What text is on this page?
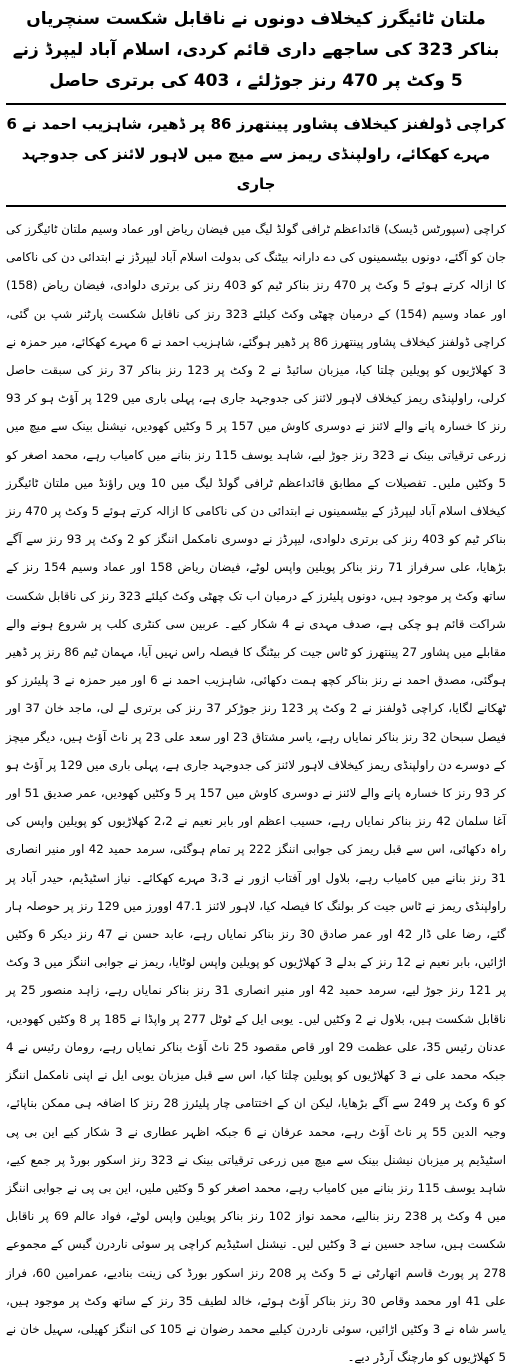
ملتان ٹائیگرز کیخلاف دونوں نے ناقابل شکست سنچریاں بناکر 323 کی ساجھے داری قائم کردی، اسلام آباد لیپرڈ زنے 5 وکٹ پر 470 رنز جوڑلئے ، 403 کی برتری حاصل
کراچی ڈولفنز کیخلاف پشاور پینتھرز 86 پر ڈھیر، شاہزیب احمد نے 6 مہرے کھکائے، راولپنڈی ریمز سے میچ میں لاہور لائنز کی جدوجہد جاری

کراچی (سپورٹس ڈیسک) قائداعظم ٹرافی گولڈ لیگ میں فیضان ریاض اور عماد وسیم ملتان ٹائیگرز کی جان کو آگئے، دونوں بیٹسمینوں کی دے دارانہ بیٹنگ کی بدولت اسلام آباد لیپرڈز نے ابتدائی دن کی ناکامی کا ازالہ کرتے ہوئے 5 وکٹ پر 470 رنز بناکر ٹیم کو 403 رنز کی برتری دلوادی، فیضان ریاض (158) اور عماد وسیم (154) کے درمیان چھٹی وکٹ کیلئے 323 رنز کی ناقابل شکست پارٹنر شپ بن گئی، کراچی ڈولفنز کیخلاف پشاور پینتھرز 86 پر ڈھیر ہوگئے، شاہزیب احمد نے 6 مہرے کھکائے، میر حمزہ نے 3 کھلاڑیوں کو پویلین چلتا کیا، میزبان سائیڈ نے 2 وکٹ پر 123 رنز بناکر 37 رنز کی سبقت حاصل کرلی، راولپنڈی ریمز کیخلاف لاہور لائنز کی جدوجہد جاری ہے، پہلی باری میں 129 پر آؤٹ ہو کر 93 رنز کا خسارہ پانے والے لائنز نے دوسری کاوش میں 157 پر 5 وکٹیں کھودیں، نیشنل بینک سے میچ میں زرعی ترقیاتی بینک نے 323 رنز جوڑ لیے، شاہد یوسف 115 رنز بنانے میں کامیاب رہے، محمد اصغر کو 5 وکٹیں ملیں۔ تفصیلات کے مطابق قائداعظم ٹرافی گولڈ لیگ میں 10 ویں راؤنڈ میں ملتان ٹائیگرز کیخلاف اسلام آباد لیپرڈز کے بیٹسمینوں نے ابتدائی دن کی ناکامی کا ازالہ کرتے ہوئے 5 وکٹ پر 470 رنز بناکر ٹیم کو 403 رنز کی برتری دلوادی، لیپرڈز نے دوسری نامکمل اننگز کو 2 وکٹ پر 93 رنز سے آگے بڑھایا، علی سرفراز 71 رنز بناکر پویلین واپس لوٹے، فیضان ریاض 158 اور عماد وسیم 154 رنز کے ساتھ وکٹ پر موجود ہیں، دونوں پلیئرز کے درمیان اب تک چھٹی وکٹ کیلئے 323 رنز کی ناقابل شکست شراکت قائم ہو چکی ہے، صدف مہدی نے 4 شکار کیے۔ عربین سی کنٹری کلب پر شروع ہونے والے مقابلے میں پشاور 27 پینتھرز کو ٹاس جیت کر بیٹنگ کا فیصلہ راس نہیں آیا، مہمان ٹیم 86 رنز پر ڈھیر ہوگئی، مصدق احمد نے رنز بناکر کچھ ہمت دکھائی، شاہزیب احمد نے 6 اور میر حمزہ نے 3 پلیئرز کو ٹھکانے لگایا، کراچی ڈولفنز نے 2 وکٹ پر 123 رنز جوڑکر 37 رنز کی برتری لے لی، ماجد خان 37 اور فیصل سبحان 32 رنز بناکر نمایاں رہے، یاسر مشتاق 23 اور سعد علی 23 پر ناٹ آؤٹ ہیں، دیگر میچز کے دوسرے دن راولپنڈی ریمز کیخلاف لاہور لائنز کی جدوجہد جاری ہے، پہلی باری میں 129 پر آؤٹ ہو کر 93 رنز کا خسارہ پانے والے لائنز نے دوسری کاوش میں 157 پر 5 وکٹیں کھودیں، عمر صدیق 51 اور آغا سلمان 42 رنز بناکر نمایاں رہے، حسیب اعظم اور بابر نعیم نے 2،2 کھلاڑیوں کو پویلین واپس کی راہ دکھائی، اس سے قبل ریمز کی جوابی اننگز 222 پر تمام ہوگئی، سرمد حمید 42 اور منیر انصاری 31 رنز بنانے میں کامیاب رہے، بلاول اور آفتاب ازور نے 3،3 مہرے کھکائے۔ نیاز اسٹیڈیم، حیدر آباد پر راولپنڈی ریمز نے ٹاس جیت کر بولنگ کا فیصلہ کیا، لاہور لائنز 47.1 اوورز میں 129 رنز پر حوصلہ ہار گئے، رضا علی ڈار 42 اور عمر صادق 30 رنز بناکر نمایاں رہے، عابد حسن نے 47 رنز دیکر 6 وکٹیں اڑائیں، بابر نعیم نے 12 رنز کے بدلے 3 کھلاڑیوں کو پویلین واپس لوٹایا، ریمز نے جوابی اننگز میں 3 وکٹ پر 121 رنز جوڑ لیے، سرمد حمید 42 اور منیر انصاری 31 رنز بناکر نمایاں رہے، زاہد منصور 25 پر ناقابل شکست ہیں، بلاول نے 2 وکٹیں لیں۔ یوبی ایل کے ٹوٹل 277 پر واپڈا نے 185 پر 8 وکٹیں کھودیں، عدنان رئیس 35، علی عظمت 29 اور قاص مقصود 25 ناٹ آؤٹ بناکر نمایاں رہے، رومان رئیس نے 4 جبکہ محمد علی نے 3 کھلاڑیوں کو پویلین چلتا کیا، اس سے قبل میزبان یوبی ایل نے اپنی نامکمل اننگز کو 6 وکٹ پر 249 سے آگے بڑھایا، لیکن ان کے اختتامی چار پلیئرز 28 رنز کا اضافہ ہی ممکن بناپائے، وجیہ الدین 55 پر ناٹ آؤٹ رہے، محمد عرفان نے 6 جبکہ اظہر عطاری نے 3 شکار کیے این بی پی اسٹیڈیم پر میزبان نیشنل بینک سے میچ میں زرعی ترقیاتی بینک نے 323 رنز اسکور بورڈ پر جمع کیے، شاہد یوسف 115 رنز بنانے میں کامیاب رہے، محمد اصغر کو 5 وکٹیں ملیں، این بی پی نے جوابی اننگز میں 4 وکٹ پر 238 رنز بنالیے، محمد نواز 102 رنز بناکر پویلین واپس لوٹے، فواد عالم 69 پر ناقابل شکست ہیں، ساجد حسین نے 3 وکٹیں لیں۔ نیشنل اسٹیڈیم کراچی پر سوئی ناردرن گیس کے مجموعے 278 پر پورٹ قاسم اتھارٹی نے 5 وکٹ پر 208 رنز اسکور بورڈ کی زینت بنادیے، عمرامین 60، فراز علی 41 اور محمد وقاص 30 رنز بناکر آؤٹ ہوئے، خالد لطیف 35 رنز کے ساتھ وکٹ پر موجود ہیں، یاسر شاہ نے 3 وکٹیں اڑائیں، سوئی ناردرن کیلیے محمد رضوان نے 105 کی اننگز کھیلی، سہیل خان نے 5 کھلاڑیوں کو مارچنگ آرڈر دیے۔
